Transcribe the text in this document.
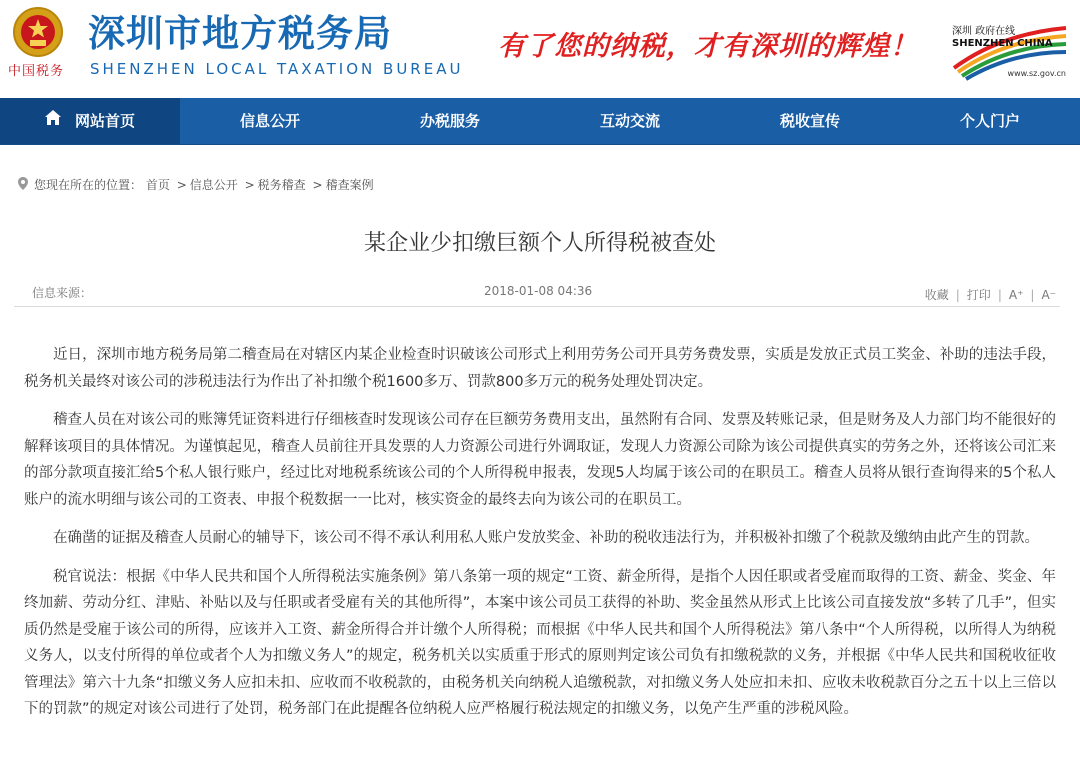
中国税务
深圳市地方税务局
SHENZHEN LOCAL TAXATION BUREAU
有了您的纳税，才有深圳的辉煌！	深圳 政府在线
SHENZHEN CHINA
www.sz.gov.cn
网站首页	信息公开	办税服务	互动交流	税收宣传	个人门户
您现在所在的位置： 首页 > 信息公开 > 税务稽查 > 稽查案例
某企业少扣缴巨额个人所得税被查处
信息来源：	2018-01-08 04:36	收藏 | 打印 | A⁺ | A⁻

近日，深圳市地方税务局第二稽查局在对辖区内某企业检查时识破该公司形式上利用劳务公司开具劳务费发票，实质是发放正式员工奖金、补助的违法手段，税务机关最终对该公司的涉税违法行为作出了补扣缴个税1600多万、罚款800多万元的税务处理处罚决定。

稽查人员在对该公司的账簿凭证资料进行仔细核查时发现该公司存在巨额劳务费用支出，虽然附有合同、发票及转账记录，但是财务及人力部门均不能很好的解释该项目的具体情况。为谨慎起见，稽查人员前往开具发票的人力资源公司进行外调取证，发现人力资源公司除为该公司提供真实的劳务之外，还将该公司汇来的部分款项直接汇给5个私人银行账户，经过比对地税系统该公司的个人所得税申报表，发现5人均属于该公司的在职员工。稽查人员将从银行查询得来的5个私人账户的流水明细与该公司的工资表、申报个税数据一一比对，核实资金的最终去向为该公司的在职员工。

在确凿的证据及稽查人员耐心的辅导下，该公司不得不承认利用私人账户发放奖金、补助的税收违法行为，并积极补扣缴了个税款及缴纳由此产生的罚款。

税官说法：根据《中华人民共和国个人所得税法实施条例》第八条第一项的规定“工资、薪金所得，是指个人因任职或者受雇而取得的工资、薪金、奖金、年终加薪、劳动分红、津贴、补贴以及与任职或者受雇有关的其他所得”，本案中该公司员工获得的补助、奖金虽然从形式上比该公司直接发放“多转了几手”，但实质仍然是受雇于该公司的所得，应该并入工资、薪金所得合并计缴个人所得税；而根据《中华人民共和国个人所得税法》第八条中“个人所得税，以所得人为纳税义务人，以支付所得的单位或者个人为扣缴义务人”的规定，税务机关以实质重于形式的原则判定该公司负有扣缴税款的义务，并根据《中华人民共和国税收征收管理法》第六十九条“扣缴义务人应扣未扣、应收而不收税款的，由税务机关向纳税人追缴税款，对扣缴义务人处应扣未扣、应收未收税款百分之五十以上三倍以下的罚款”的规定对该公司进行了处罚，税务部门在此提醒各位纳税人应严格履行税法规定的扣缴义务，以免产生严重的涉税风险。
